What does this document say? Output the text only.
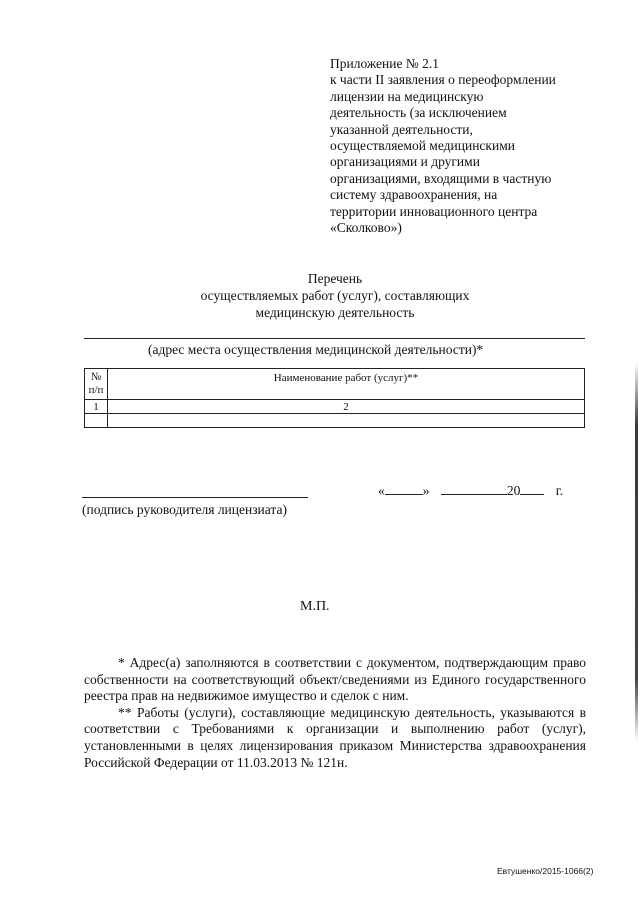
Приложение № 2.1
к части II заявления о переоформлении
лицензии на медицинскую
деятельность (за исключением
указанной деятельности,
осуществляемой медицинскими
организациями и другими
организациями, входящими в частную
систему здравоохранения, на
территории инновационного центра
«Сколково»)
Перечень
осуществляемых работ (услуг), составляющих
медицинскую деятельность
(адрес места осуществления медицинской деятельности)*
№
п/п	Наименование работ (услуг)**
1	2

«	»	20	г.
(подпись руководителя лицензиата)
М.П.

* Адрес(а) заполняются в соответствии с документом, подтверждающим право собственности на соответствующий объект/сведениями из Единого государственного реестра прав на недвижимое имущество и сделок с ним.

** Работы (услуги), составляющие медицинскую деятельность, указываются в соответствии с Требованиями к организации и выполнению работ (услуг), установленными в целях лицензирования приказом Министерства здравоохранения Российской Федерации от 11.03.2013 № 121н.

Евтушенко/2015-1066(2)
